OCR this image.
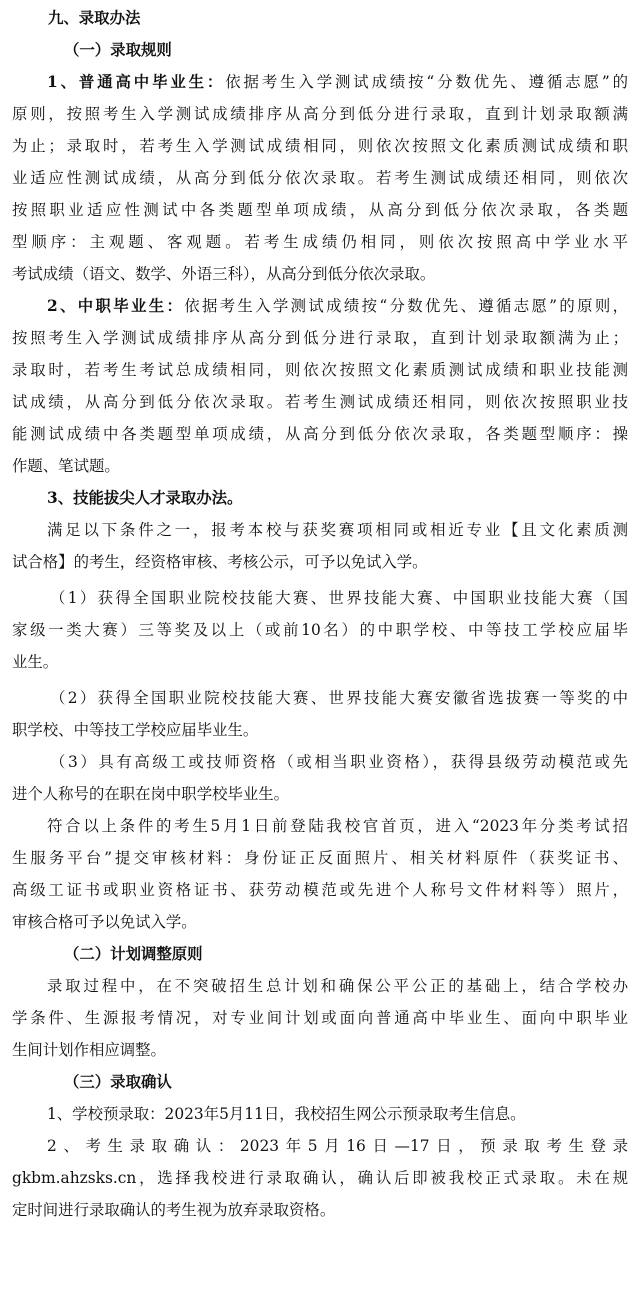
九、录取办法
（一）录取规则
1、普通高中毕业生：依据考生入学测试成绩按“分数优先、遵循志愿”的
原则，按照考生入学测试成绩排序从高分到低分进行录取，直到计划录取额满
为止；录取时，若考生入学测试成绩相同，则依次按照文化素质测试成绩和职
业适应性测试成绩，从高分到低分依次录取。若考生测试成绩还相同，则依次
按照职业适应性测试中各类题型单项成绩，从高分到低分依次录取，各类题
型顺序：主观题、客观题。若考生成绩仍相同，则依次按照高中学业水平
考试成绩（语文、数学、外语三科），从高分到低分依次录取。
2、中职毕业生：依据考生入学测试成绩按“分数优先、遵循志愿”的原则，
按照考生入学测试成绩排序从高分到低分进行录取，直到计划录取额满为止；
录取时，若考生考试总成绩相同，则依次按照文化素质测试成绩和职业技能测
试成绩，从高分到低分依次录取。若考生测试成绩还相同，则依次按照职业技
能测试成绩中各类题型单项成绩，从高分到低分依次录取，各类题型顺序：操
作题、笔试题。
3、技能拔尖人才录取办法。
满足以下条件之一，报考本校与获奖赛项相同或相近专业【且文化素质测
试合格】的考生，经资格审核、考核公示，可予以免试入学。
（1）获得全国职业院校技能大赛、世界技能大赛、中国职业技能大赛（国
家级一类大赛）三等奖及以上（或前10名）的中职学校、中等技工学校应届毕
业生。
（2）获得全国职业院校技能大赛、世界技能大赛安徽省选拔赛一等奖的中
职学校、中等技工学校应届毕业生。
（3）具有高级工或技师资格（或相当职业资格），获得县级劳动模范或先
进个人称号的在职在岗中职学校毕业生。
符合以上条件的考生5月1日前登陆我校官首页，进入“2023年分类考试招
生服务平台”提交审核材料：身份证正反面照片、相关材料原件（获奖证书、
高级工证书或职业资格证书、获劳动模范或先进个人称号文件材料等）照片，
审核合格可予以免试入学。
（二）计划调整原则
录取过程中，在不突破招生总计划和确保公平公正的基础上，结合学校办
学条件、生源报考情况，对专业间计划或面向普通高中毕业生、面向中职毕业
生间计划作相应调整。
（三）录取确认
1、学校预录取：2023年5月11日，我校招生网公示预录取考生信息。
2、考生录取确认：2023年5月16日—17日，预录取考生登录
gkbm.ahzsks.cn，选择我校进行录取确认，确认后即被我校正式录取。未在规
定时间进行录取确认的考生视为放弃录取资格。
